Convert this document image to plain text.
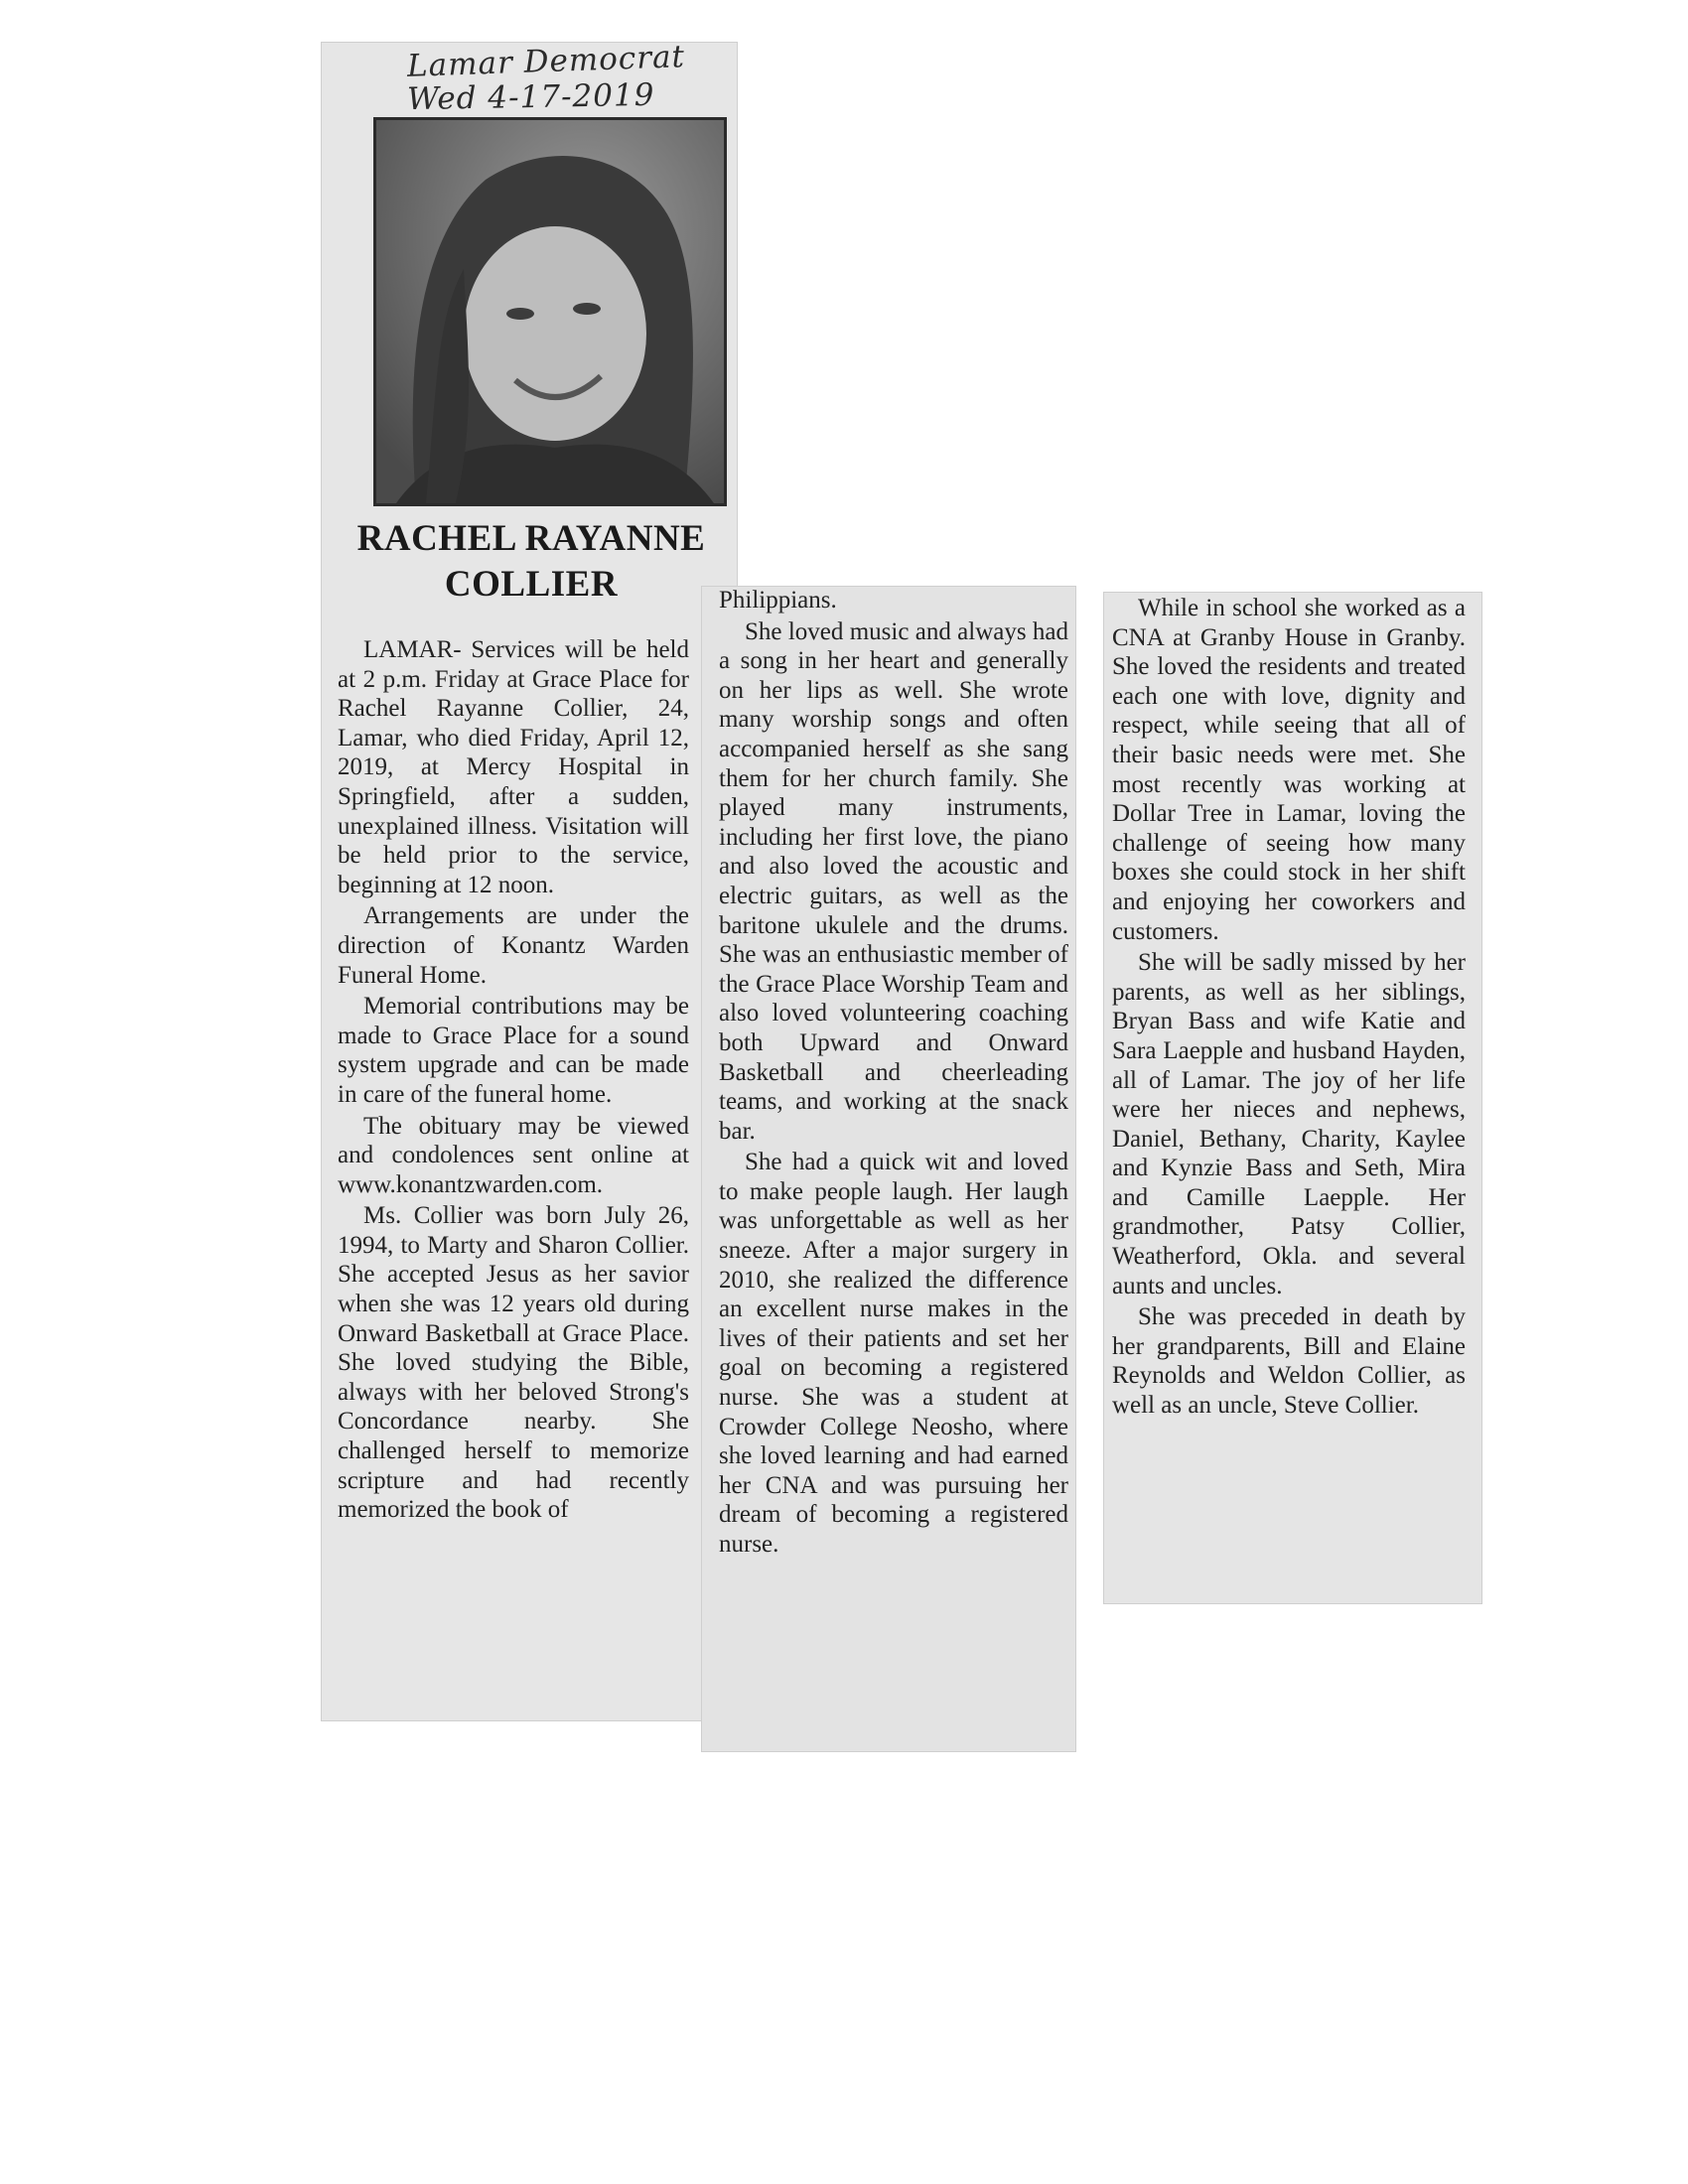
Lamar Democrat
Wed 4-17-2019
RACHEL RAYANNE
COLLIER

LAMAR- Services will be held at 2 p.m. Friday at Grace Place for Rachel Rayanne Collier, 24, Lamar, who died Friday, April 12, 2019, at Mercy Hospital in Springfield, after a sudden, unexplained illness. Visitation will be held prior to the service, beginning at 12 noon.

Arrangements are under the direction of Konantz Warden Funeral Home.

Memorial contributions may be made to Grace Place for a sound system upgrade and can be made in care of the funeral home.

The obituary may be viewed and condolences sent online at www.konantzwarden.com.

Ms. Collier was born July 26, 1994, to Marty and Sharon Collier. She accepted Jesus as her savior when she was 12 years old during Onward Basketball at Grace Place. She loved studying the Bible, always with her beloved Strong's Concordance nearby. She challenged herself to memorize scripture and had recently memorized the book of

Philippians.

She loved music and always had a song in her heart and generally on her lips as well. She wrote many worship songs and often accompanied herself as she sang them for her church family. She played many instruments, including her first love, the piano and also loved the acoustic and electric guitars, as well as the baritone ukulele and the drums. She was an enthusiastic member of the Grace Place Worship Team and also loved volunteering coaching both Upward and Onward Basketball and cheerleading teams, and working at the snack bar.

She had a quick wit and loved to make people laugh. Her laugh was unforgettable as well as her sneeze. After a major surgery in 2010, she realized the difference an excellent nurse makes in the lives of their patients and set her goal on becoming a registered nurse. She was a student at Crowder College Neosho, where she loved learning and had earned her CNA and was pursuing her dream of becoming a registered nurse.

While in school she worked as a CNA at Granby House in Granby. She loved the residents and treated each one with love, dignity and respect, while seeing that all of their basic needs were met. She most recently was working at Dollar Tree in Lamar, loving the challenge of seeing how many boxes she could stock in her shift and enjoying her coworkers and customers.

She will be sadly missed by her parents, as well as her siblings, Bryan Bass and wife Katie and Sara Laepple and husband Hayden, all of Lamar. The joy of her life were her nieces and nephews, Daniel, Bethany, Charity, Kaylee and Kynzie Bass and Seth, Mira and Camille Laepple. Her grandmother, Patsy Collier, Weatherford, Okla. and several aunts and uncles.

She was preceded in death by her grandparents, Bill and Elaine Reynolds and Weldon Collier, as well as an uncle, Steve Collier.
